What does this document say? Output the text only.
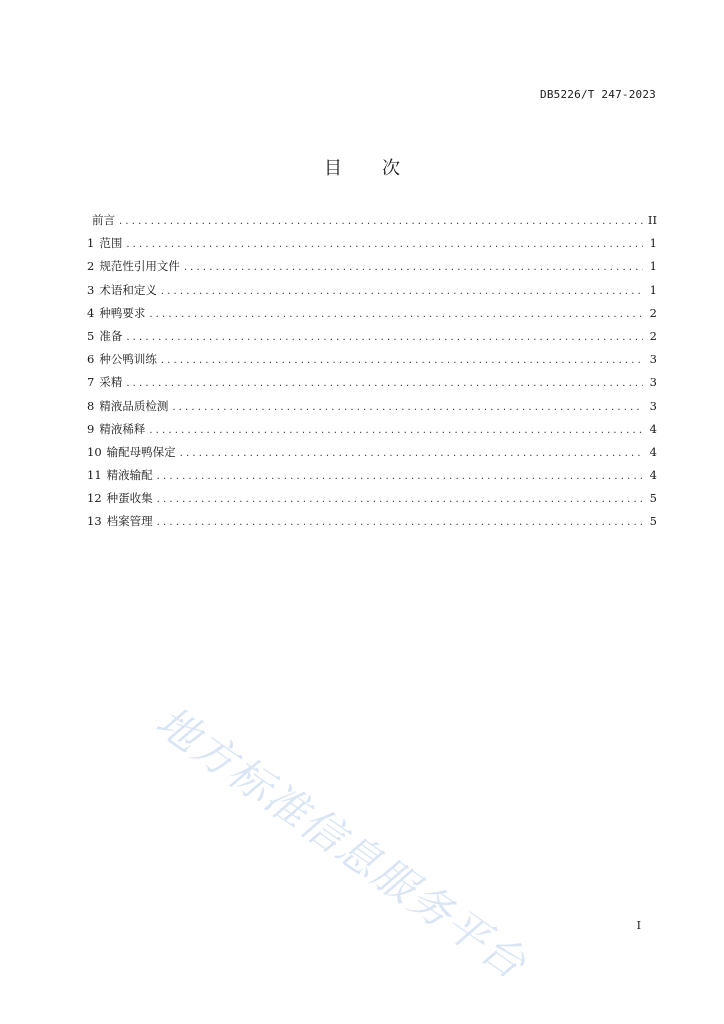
DB5226/T 247-2023
目 次
前言 . . .	II
1 范围 . . .	1
2 规范性引用文件 . . .	1
3 术语和定义 . . .	1
4 种鸭要求 . . .	2
5 准备 . . .	2
6 种公鸭训练 . . .	3
7 采精 . . .	3
8 精液品质检测 . . .	3
9 精液稀释 . . .	4
10 输配母鸭保定 . . .	4
11 精液输配 . . .	4
12 种蛋收集 . . .	5
13 档案管理 . . .	5
地方标准信息服务平台	I
